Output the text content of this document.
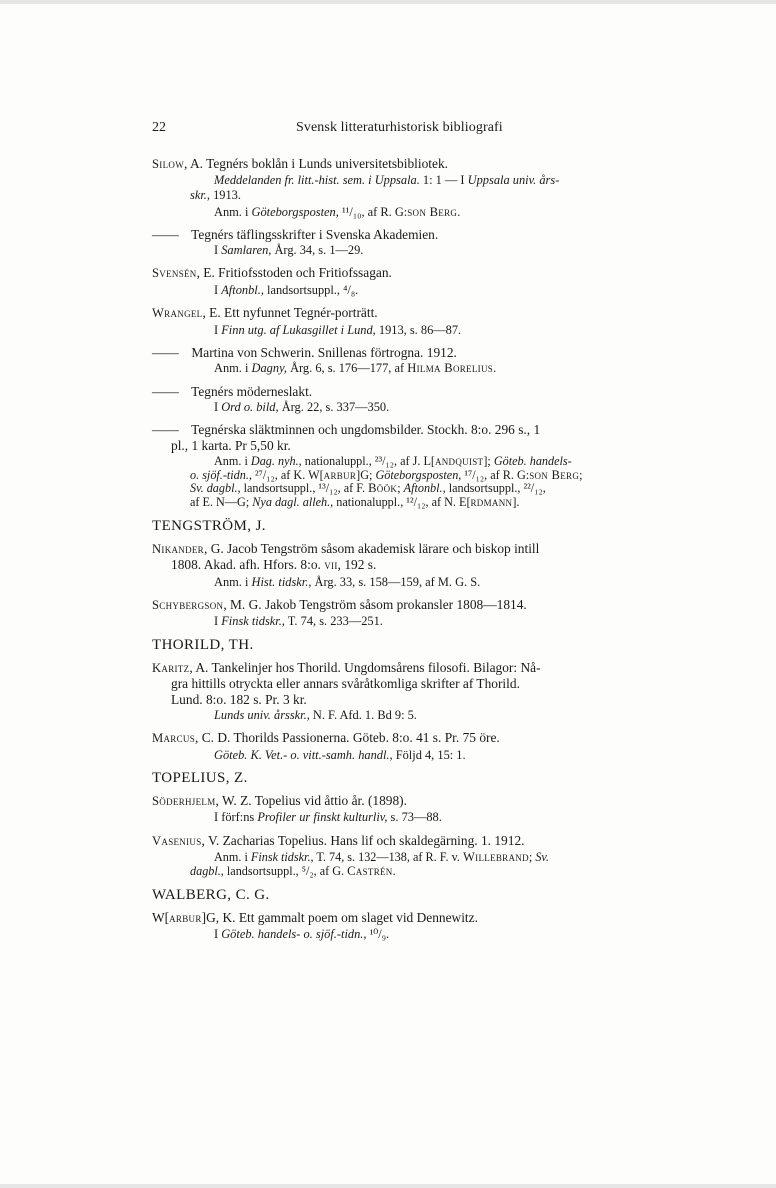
22	Svensk litteraturhistorisk bibliografi

Silow, A. Tegnérs boklån i Lunds universitetsbibliotek.

Meddelanden fr. litt.-hist. sem. i Uppsala. 1: 1 — I Uppsala univ. års-

skr., 1913.

Anm. i Göteborgsposten, ¹¹/₁₀, af R. G:son Berg.

—— Tegnérs täflingsskrifter i Svenska Akademien.

I Samlaren, Årg. 34, s. 1—29.

Svensén, E. Fritiofsstoden och Fritiofssagan.

I Aftonbl., landsortsuppl., ⁴/₈.

Wrangel, E. Ett nyfunnet Tegnér-porträtt.

I Finn utg. af Lukasgillet i Lund, 1913, s. 86—87.

—— Martina von Schwerin. Snillenas förtrogna. 1912.

Anm. i Dagny, Årg. 6, s. 176—177, af Hilma Borelius.

—— Tegnérs möderneslakt.

I Ord o. bild, Årg. 22, s. 337—350.

—— Tegnérska släktminnen och ungdomsbilder. Stockh. 8:o. 296 s., 1

pl., 1 karta. Pr 5,50 kr.

Anm. i Dag. nyh., nationaluppl., ²³/₁₂, af J. L[andquist]; Göteb. handels-

o. sjöf.-tidn., ²⁷/₁₂, af K. W[arbur]G; Göteborgsposten, ¹⁷/₁₂, af R. G:son Berg;

Sv. dagbl., landsortsuppl., ¹³/₁₂, af F. Böök; Aftonbl., landsortsuppl., ²²/₁₂,

af E. N—G; Nya dagl. alleh., nationaluppl., ¹²/₁₂, af N. E[rdmann].

TENGSTRÖM, J.

Nikander, G. Jacob Tengström såsom akademisk lärare och biskop intill

1808. Akad. afh. Hfors. 8:o. vii, 192 s.

Anm. i Hist. tidskr., Årg. 33, s. 158—159, af M. G. S.

Schybergson, M. G. Jakob Tengström såsom prokansler 1808—1814.

I Finsk tidskr., T. 74, s. 233—251.

THORILD, TH.

Karitz, A. Tankelinjer hos Thorild. Ungdomsårens filosofi. Bilagor: Nå-

gra hittills otryckta eller annars svåråtkomliga skrifter af Thorild.

Lund. 8:o. 182 s. Pr. 3 kr.

Lunds univ. årsskr., N. F. Afd. 1. Bd 9: 5.

Marcus, C. D. Thorilds Passionerna. Göteb. 8:o. 41 s. Pr. 75 öre.

Göteb. K. Vet.- o. vitt.-samh. handl., Följd 4, 15: 1.

TOPELIUS, Z.

Söderhjelm, W. Z. Topelius vid åttio år. (1898).

I förf:ns Profiler ur finskt kulturliv, s. 73—88.

Vasenius, V. Zacharias Topelius. Hans lif och skaldegärning. 1. 1912.

Anm. i Finsk tidskr., T. 74, s. 132—138, af R. F. v. Willebrand; Sv.

dagbl., landsortsuppl., ⁵/₂, af G. Castrén.

WALBERG, C. G.

W[arbur]G, K. Ett gammalt poem om slaget vid Dennewitz.

I Göteb. handels- o. sjöf.-tidn., ¹⁰/₉.
